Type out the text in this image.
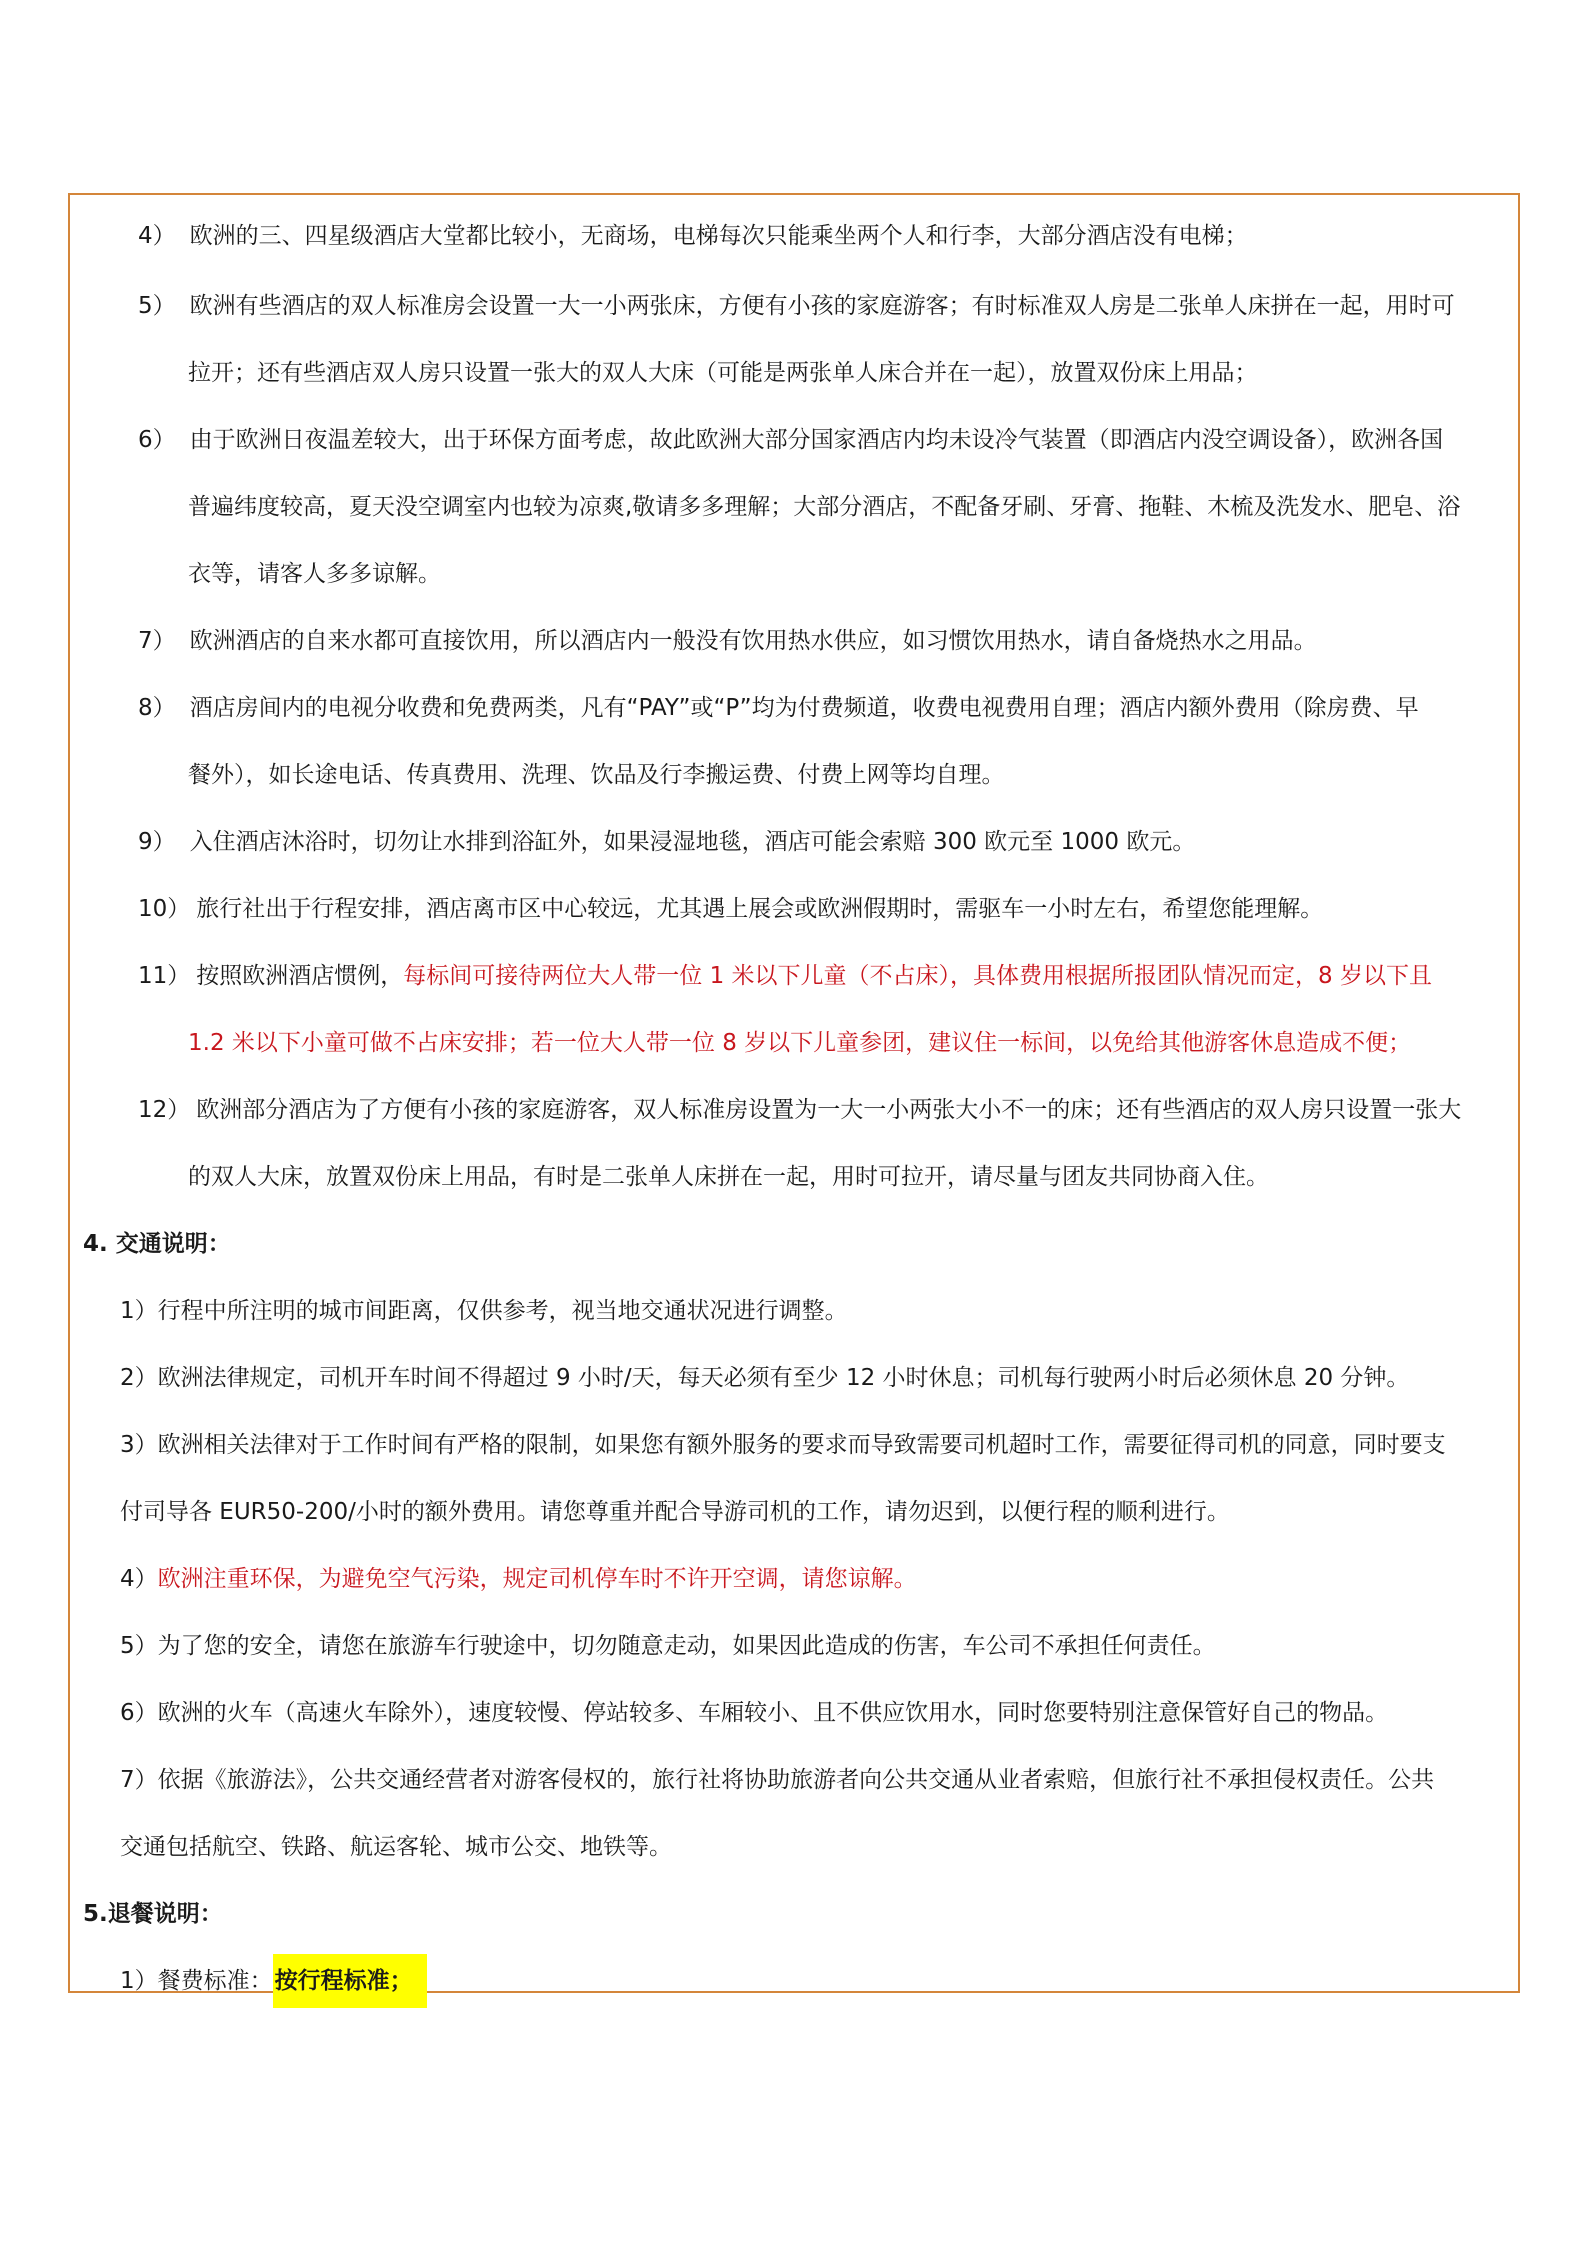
4） 欧洲的三、四星级酒店大堂都比较小，无商场，电梯每次只能乘坐两个人和行李，大部分酒店没有电梯；
5） 欧洲有些酒店的双人标准房会设置一大一小两张床，方便有小孩的家庭游客；有时标准双人房是二张单人床拼在一起，用时可
拉开；还有些酒店双人房只设置一张大的双人大床（可能是两张单人床合并在一起），放置双份床上用品；
6） 由于欧洲日夜温差较大，出于环保方面考虑，故此欧洲大部分国家酒店内均未设冷气装置（即酒店内没空调设备），欧洲各国
普遍纬度较高，夏天没空调室内也较为凉爽,敬请多多理解；大部分酒店，不配备牙刷、牙膏、拖鞋、木梳及洗发水、肥皂、浴
衣等，请客人多多谅解。
7） 欧洲酒店的自来水都可直接饮用，所以酒店内一般没有饮用热水供应，如习惯饮用热水，请自备烧热水之用品。
8） 酒店房间内的电视分收费和免费两类，凡有“PAY”或“P”均为付费频道，收费电视费用自理；酒店内额外费用（除房费、早
餐外），如长途电话、传真费用、洗理、饮品及行李搬运费、付费上网等均自理。
9） 入住酒店沐浴时，切勿让水排到浴缸外，如果浸湿地毯，酒店可能会索赔 300 欧元至 1000 欧元。
10） 旅行社出于行程安排，酒店离市区中心较远，尤其遇上展会或欧洲假期时，需驱车一小时左右，希望您能理解。
11） 按照欧洲酒店惯例，每标间可接待两位大人带一位 1 米以下儿童（不占床），具体费用根据所报团队情况而定，8 岁以下且
1.2 米以下小童可做不占床安排；若一位大人带一位 8 岁以下儿童参团，建议住一标间，以免给其他游客休息造成不便；
12） 欧洲部分酒店为了方便有小孩的家庭游客，双人标准房设置为一大一小两张大小不一的床；还有些酒店的双人房只设置一张大
的双人大床，放置双份床上用品，有时是二张单人床拼在一起，用时可拉开，请尽量与团友共同协商入住。
4. 交通说明：
1）行程中所注明的城市间距离，仅供参考，视当地交通状况进行调整。
2）欧洲法律规定，司机开车时间不得超过 9 小时/天，每天必须有至少 12 小时休息；司机每行驶两小时后必须休息 20 分钟。
3）欧洲相关法律对于工作时间有严格的限制，如果您有额外服务的要求而导致需要司机超时工作，需要征得司机的同意，同时要支
付司导各 EUR50-200/小时的额外费用。请您尊重并配合导游司机的工作，请勿迟到，以便行程的顺利进行。
4）欧洲注重环保，为避免空气污染，规定司机停车时不许开空调，请您谅解。
5）为了您的安全，请您在旅游车行驶途中，切勿随意走动，如果因此造成的伤害，车公司不承担任何责任。
6）欧洲的火车（高速火车除外），速度较慢、停站较多、车厢较小、且不供应饮用水，同时您要特别注意保管好自己的物品。
7）依据《旅游法》，公共交通经营者对游客侵权的，旅行社将协助旅游者向公共交通从业者索赔，但旅行社不承担侵权责任。公共
交通包括航空、铁路、航运客轮、城市公交、地铁等。
5.退餐说明：
1）餐费标准：按行程标准；
